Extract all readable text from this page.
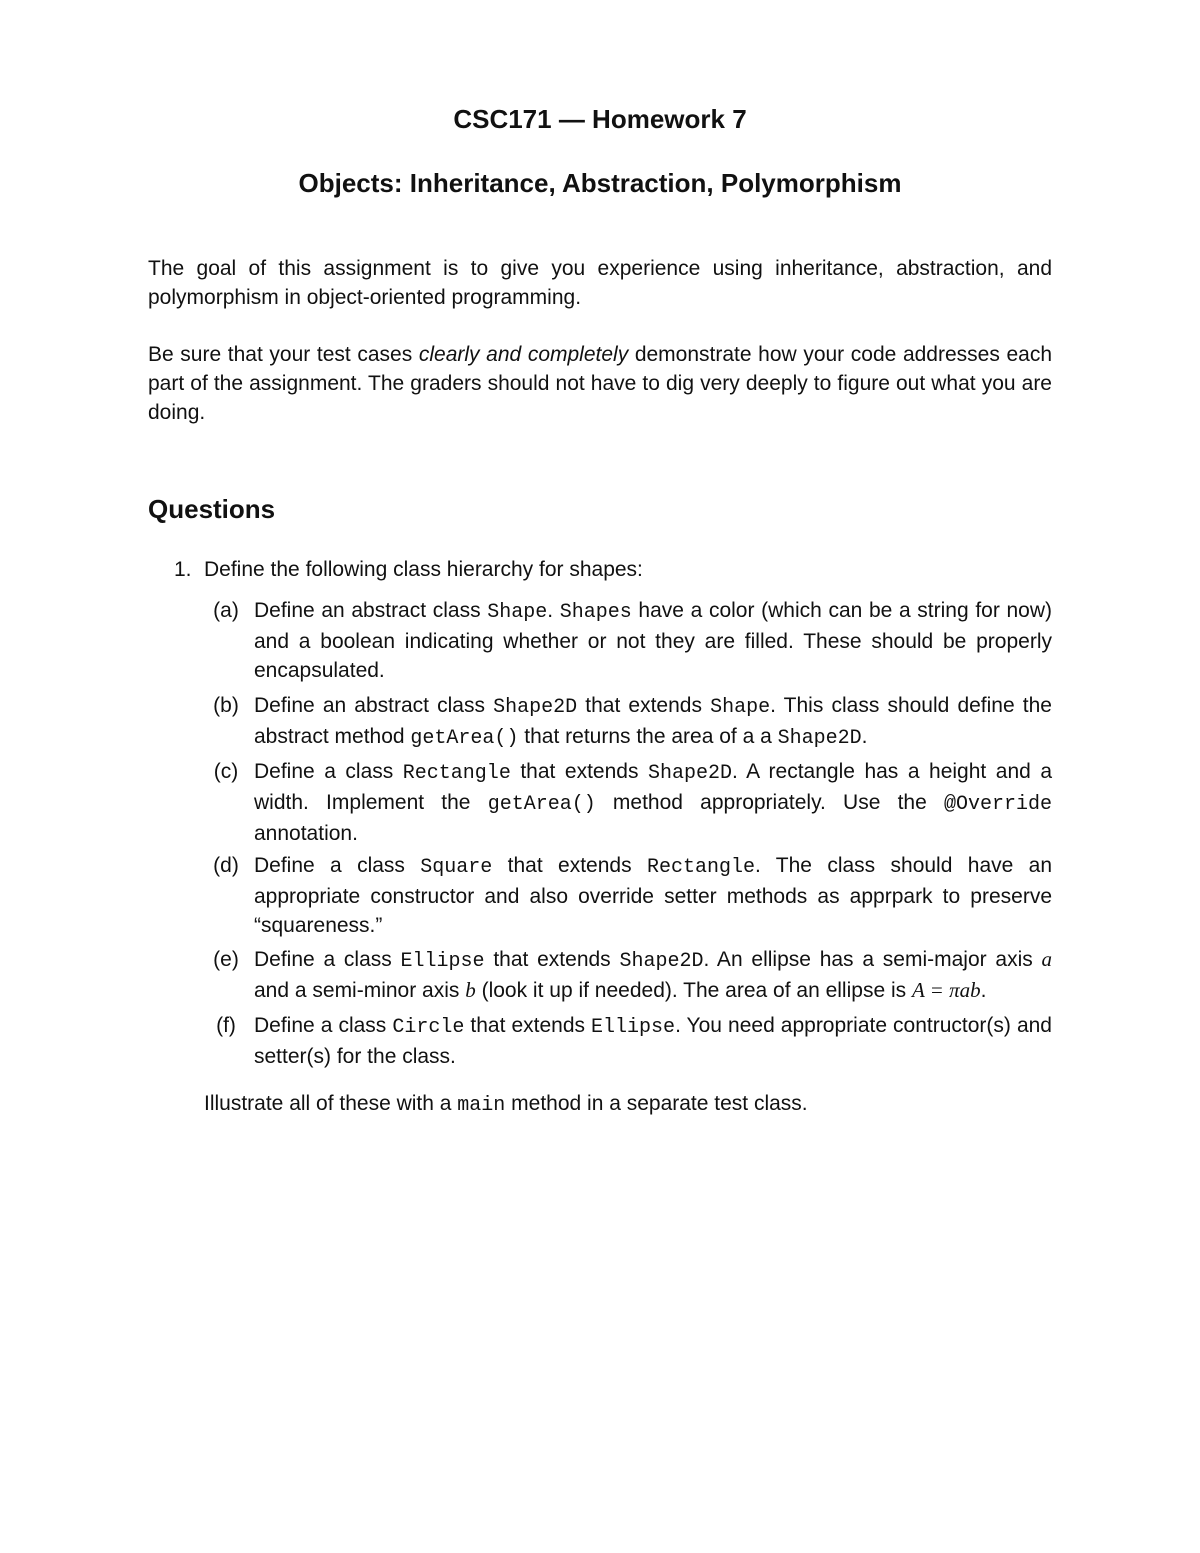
CSC171 — Homework 7
Objects: Inheritance, Abstraction, Polymorphism
The goal of this assignment is to give you experience using inheritance, abstraction, and polymorphism in object-oriented programming.
Be sure that your test cases clearly and completely demonstrate how your code addresses each part of the assignment. The graders should not have to dig very deeply to figure out what you are doing.
Questions
1. Define the following class hierarchy for shapes:
(a) Define an abstract class Shape. Shapes have a color (which can be a string for now) and a boolean indicating whether or not they are filled. These should be properly encapsulated.
(b) Define an abstract class Shape2D that extends Shape. This class should define the abstract method getArea() that returns the area of a a Shape2D.
(c) Define a class Rectangle that extends Shape2D. A rectangle has a height and a width. Implement the getArea() method appropriately. Use the @Override annotation.
(d) Define a class Square that extends Rectangle. The class should have an appropriate constructor and also override setter methods as apprpark to preserve “squareness.”
(e) Define a class Ellipse that extends Shape2D. An ellipse has a semi-major axis a and a semi-minor axis b (look it up if needed). The area of an ellipse is A = πab.
(f) Define a class Circle that extends Ellipse. You need appropriate contructor(s) and setter(s) for the class.
Illustrate all of these with a main method in a separate test class.
